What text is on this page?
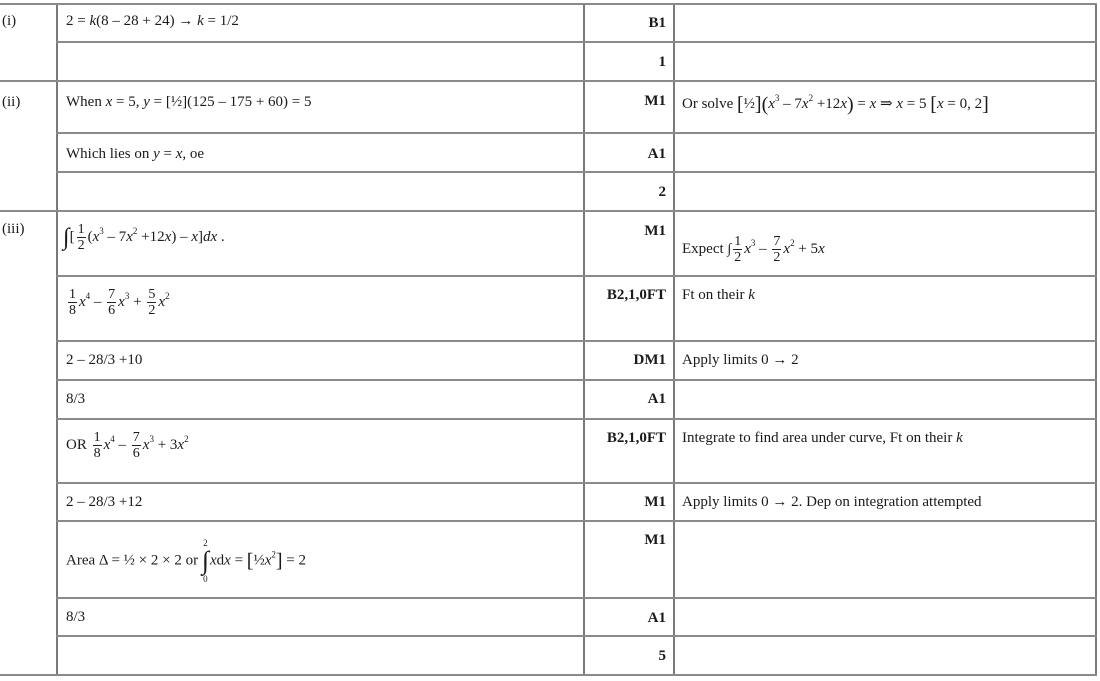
(i)
(ii)
(iii)
2 = k(8 – 28 + 24) → k = 1/2
When x = 5, y = [½](125 – 175 + 60) = 5
Which lies on y = x, oe
∫[ $\frac{1}{2} (x^3 - 7x^2 +12x) - x]dx$ .
$\frac{1}{8} x^4 - \frac{7}{6} x^3 + \frac{5}{2} x^2$
2 – 28/3 +10
8/3
OR $\frac{1}{8} x^4 - \frac{7}{6} x^3 + 3x^2$
2 – 28/3 +12
Area Δ = ½ × 2 × 2 or 2
∫
$0xdx = [\frac{1}{2}x^2] = 2$
8/3
B1
1
M1
A1
2
M1
B2,1,0FT
DM1
A1
B2,1,0FT
M1
M1
A1
5
Or solve $[\frac{1}{2}](x^3 - 7x^2 +12x) = x$ ⇒ x = 5 [x = 0, 2]
Expect ∫ $\frac{1}{2} x^3 - \frac{7}{2} x^2 + 5x$
Ft on their k
Apply limits 0 → 2
Integrate to find area under curve, Ft on their k
Apply limits 0 → 2. Dep on integration attempted
